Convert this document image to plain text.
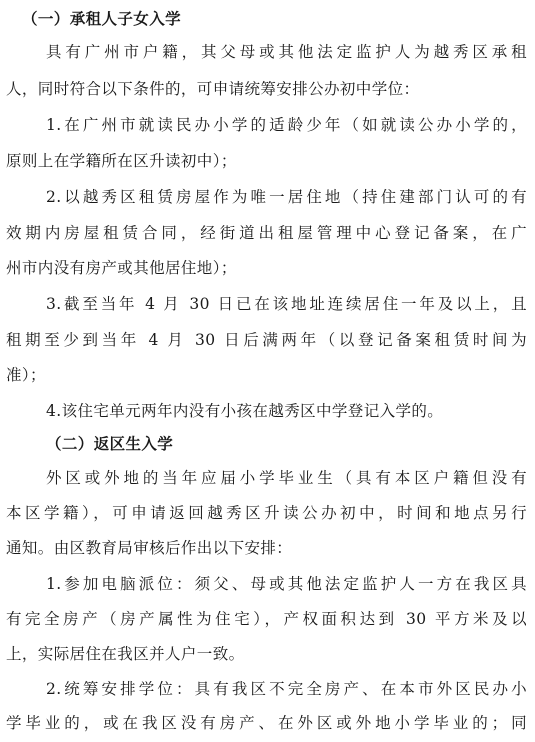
（一）承租人子女入学
具有广州市户籍，其父母或其他法定监护人为越秀区承租
人，同时符合以下条件的，可申请统筹安排公办初中学位：
1.在广州市就读民办小学的适龄少年（如就读公办小学的，
原则上在学籍所在区升读初中）；
2.以越秀区租赁房屋作为唯一居住地（持住建部门认可的有
效期内房屋租赁合同，经街道出租屋管理中心登记备案，在广
州市内没有房产或其他居住地）；
3.截至当年 4 月 30 日已在该地址连续居住一年及以上，且
租期至少到当年 4 月 30 日后满两年（以登记备案租赁时间为
准）；
4.该住宅单元两年内没有小孩在越秀区中学登记入学的。
（二）返区生入学
外区或外地的当年应届小学毕业生（具有本区户籍但没有
本区学籍），可申请返回越秀区升读公办初中，时间和地点另行
通知。由区教育局审核后作出以下安排：
1.参加电脑派位：须父、母或其他法定监护人一方在我区具
有完全房产（房产属性为住宅），产权面积达到 30 平方米及以
上，实际居住在我区并人户一致。
2.统筹安排学位：具有我区不完全房产、在本市外区民办小
学毕业的，或在我区没有房产、在外区或外地小学毕业的；同
